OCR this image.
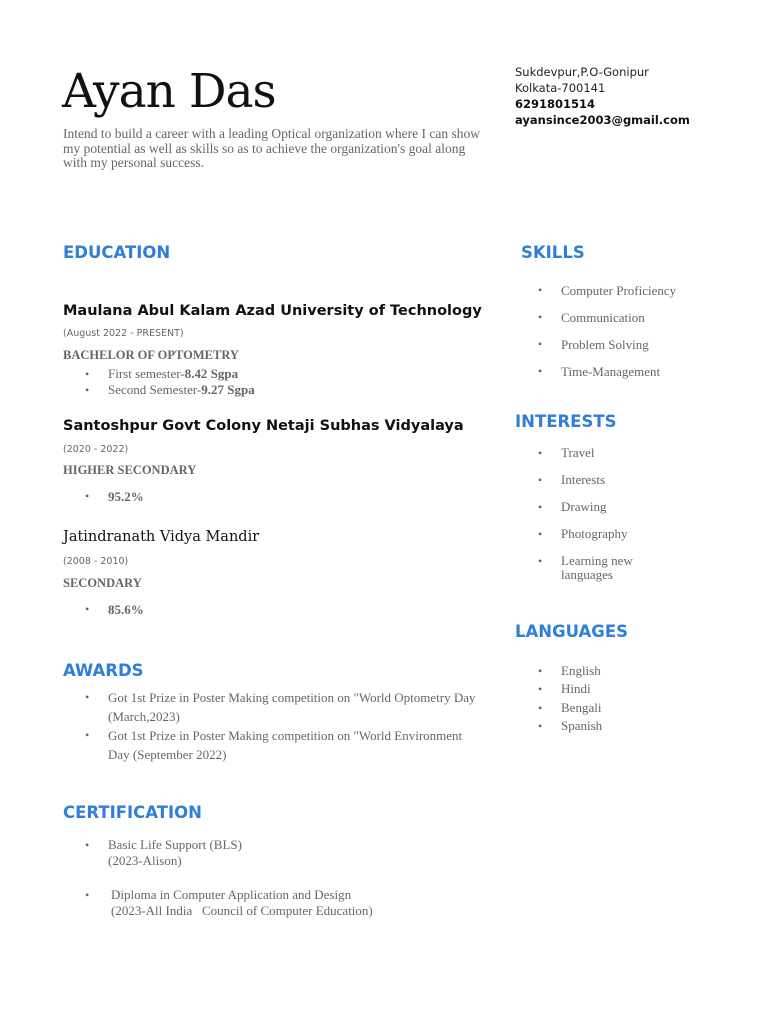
Ayan Das
Intend to build a career with a leading Optical organization where I can show my potential as well as skills so as to achieve the organization's goal along with my personal success.
Sukdevpur,P.O-Gonipur
Kolkata-700141
6291801514
ayansince2003@gmail.com
EDUCATION
Maulana Abul Kalam Azad University of Technology
(August 2022 - PRESENT)
BACHELOR OF OPTOMETRY
• First semester-8.42 Sgpa
• Second Semester-9.27 Sgpa
Santoshpur Govt Colony Netaji Subhas Vidyalaya
(2020 - 2022)
HIGHER SECONDARY
• 95.2%
Jatindranath Vidya Mandir
(2008 - 2010)
SECONDARY
• 85.6%
AWARDS
• Got 1st Prize in Poster Making competition on "World Optometry Day (March,2023)
• Got 1st Prize in Poster Making competition on "World Environment Day (September 2022)
CERTIFICATION
• Basic Life Support (BLS)
(2023-Alison)
• Diploma in Computer Application and Design
(2023-All India   Council of Computer Education)
SKILLS
• Computer Proficiency
• Communication
• Problem Solving
• Time-Management
INTERESTS
• Travel
• Interests
• Drawing
• Photography
• Learning new languages
LANGUAGES
• English
• Hindi
• Bengali
• Spanish
